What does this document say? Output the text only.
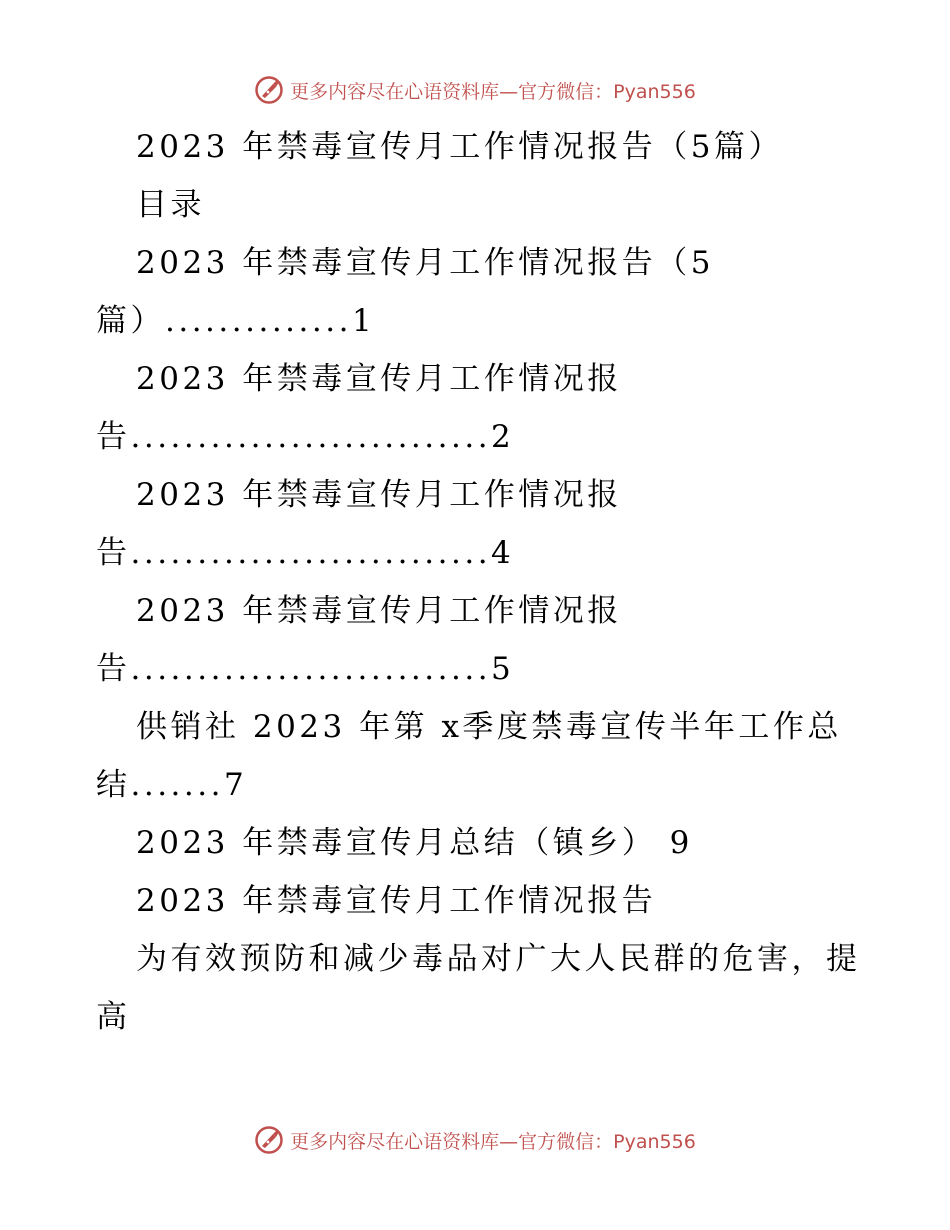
更多内容尽在心语资料库—官方微信：Pyan556
2023 年禁毒宣传月工作情况报告（5篇）
目录
2023 年禁毒宣传月工作情况报告（5
篇）..............1
2023 年禁毒宣传月工作情况报
告...........................2
2023 年禁毒宣传月工作情况报
告...........................4
2023 年禁毒宣传月工作情况报
告...........................5
供销社 2023 年第 x季度禁毒宣传半年工作总
结.......7
2023 年禁毒宣传月总结（镇乡） 9
2023 年禁毒宣传月工作情况报告
为有效预防和减少毒品对广大人民群的危害，提
高
更多内容尽在心语资料库—官方微信：Pyan556
